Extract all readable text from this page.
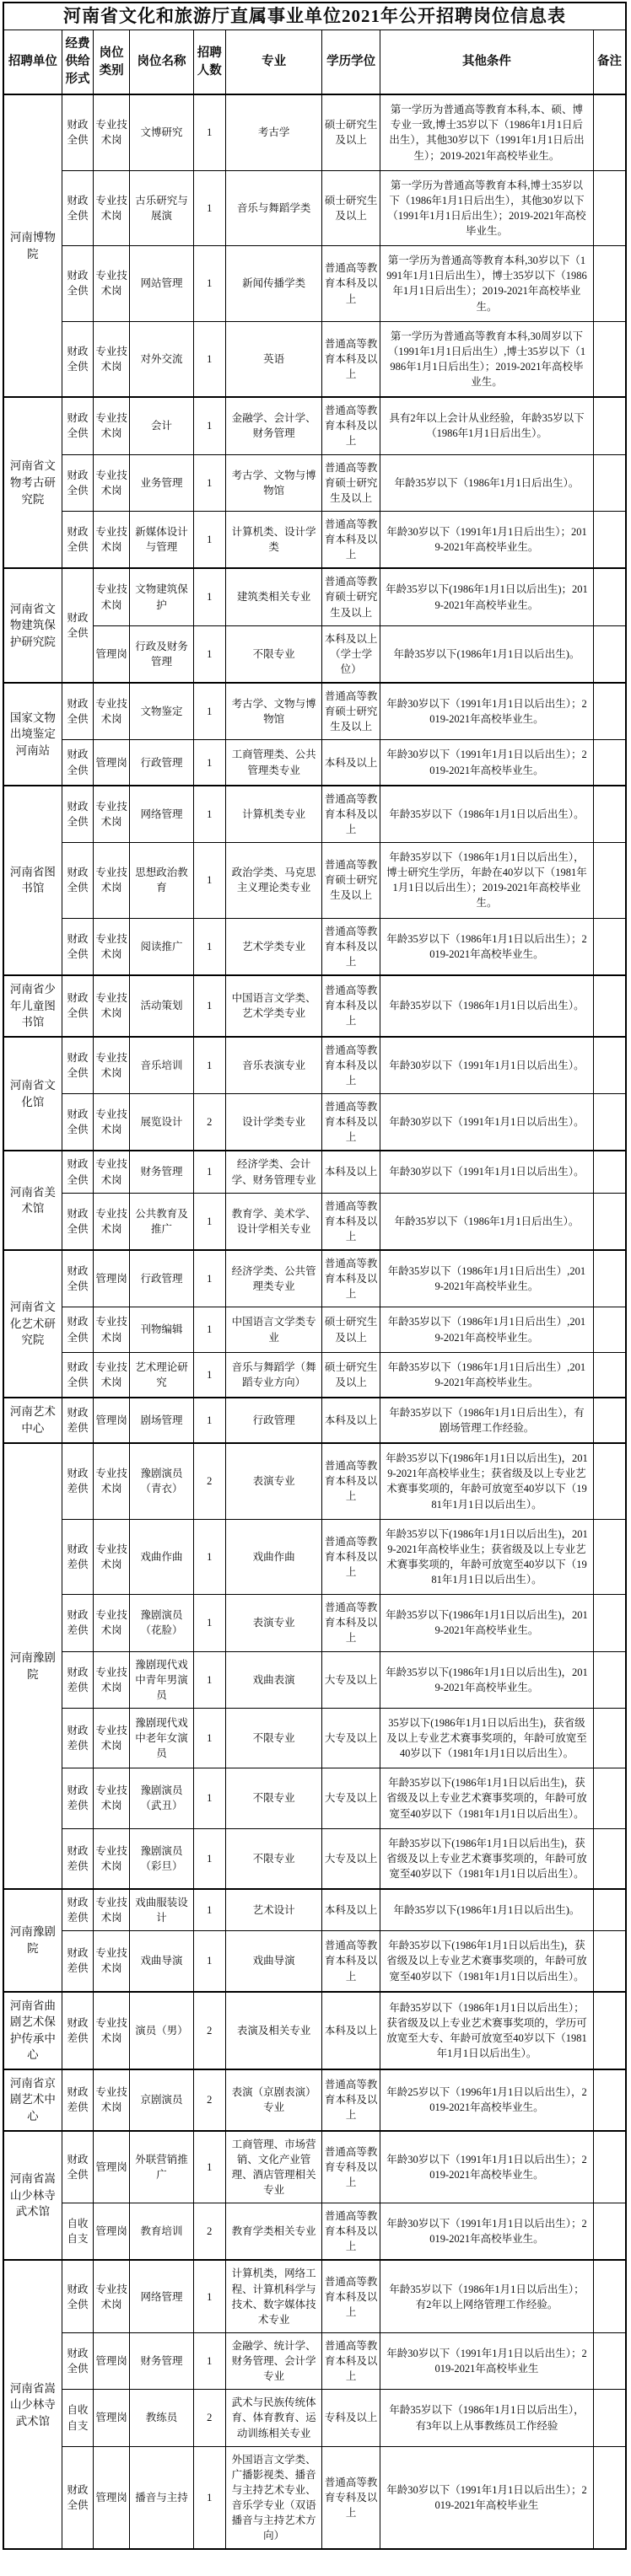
河南省文化和旅游厅直属事业单位2021年公开招聘岗位信息表								
招聘单位	经费供给形式	岗位类别	岗位名称	招聘人数	专业	学历学位	其他条件	备注
河南博物院	财政全供	专业技术岗	文博研究	1	考古学	硕士研究生及以上	第一学历为普通高等教育本科,本、硕、博专业一致,博士35岁以下（1986年1月1日后出生），其他30岁以下（1991年1月1日后出生）；2019-2021年高校毕业生。	
	财政全供	专业技术岗	古乐研究与展演	1	音乐与舞蹈学类	硕士研究生及以上	第一学历为普通高等教育本科,博士35岁以下（1986年1月1日后出生），其他30岁以下（1991年1月1日后出生）；2019-2021年高校毕业生。	
	财政全供	专业技术岗	网站管理	1	新闻传播学类	普通高等教育本科及以上	第一学历为普通高等教育本科,30岁以下（1991年1月1日后出生），博士35岁以下（1986年1月1日后出生）；2019-2021年高校毕业生。	
	财政全供	专业技术岗	对外交流	1	英语	普通高等教育本科及以上	第一学历为普通高等教育本科,30周岁以下（1991年1月1日后出生）,博士35岁以下（1986年1月1日后出生）；2019-2021年高校毕业生。	
河南省文物考古研究院	财政全供	专业技术岗	会计	1	金融学、会计学、财务管理	普通高等教育本科及以上	具有2年以上会计从业经验，年龄35岁以下（1986年1月1日后出生）。	
	财政全供	专业技术岗	业务管理	1	考古学、文物与博物馆	普通高等教育硕士研究生及以上	年龄35岁以下（1986年1月1日后出生）。	
	财政全供	专业技术岗	新媒体设计与管理	1	计算机类、设计学类	普通高等教育本科及以上	年龄30岁以下（1991年1月1日后出生）；2019-2021年高校毕业生。	
河南省文物建筑保护研究院	财政全供	专业技术岗	文物建筑保护	1	建筑类相关专业	普通高等教育硕士研究生及以上	年龄35岁以下(1986年1月1日以后出生)；2019-2021年高校毕业生。	
		管理岗	行政及财务管理	1	不限专业	本科及以上（学士学位）	年龄35岁以下(1986年1月1日以后出生)。	
国家文物出境鉴定河南站	财政全供	专业技术岗	文物鉴定	1	考古学、文物与博物馆	普通高等教育硕士研究生及以上	年龄30岁以下（1991年1月1日以后出生）；2019-2021年高校毕业生。	
	财政全供	管理岗	行政管理	1	工商管理类、公共管理类专业	本科及以上	年龄30岁以下（1991年1月1日以后出生）；2019-2021年高校毕业生。	
河南省图书馆	财政全供	专业技术岗	网络管理	1	计算机类专业	普通高等教育本科及以上	年龄35岁以下（1986年1月1日以后出生）。	
	财政全供	专业技术岗	思想政治教育	1	政治学类、马克思主义理论类专业	普通高等教育硕士研究生及以上	年龄35岁以下（1986年1月1日以后出生），博士研究生学历，年龄在40岁以下（1981年1月1日以后出生）；2019-2021年高校毕业生。	
	财政全供	专业技术岗	阅读推广	1	艺术学类专业	普通高等教育本科及以上	年龄35岁以下（1986年1月1日以后出生）；2019-2021年高校毕业生。	
河南省少年儿童图书馆	财政全供	专业技术岗	活动策划	1	中国语言文学类、艺术学类专业	普通高等教育本科及以上	年龄35岁以下（1986年1月1日以后出生）。	
河南省文化馆	财政全供	专业技术岗	音乐培训	1	音乐表演专业	普通高等教育本科及以上	年龄30岁以下（1991年1月1日以后出生）。	
	财政全供	专业技术岗	展览设计	2	设计学类专业	普通高等教育本科及以上	年龄30岁以下（1991年1月1日以后出生）。	
河南省美术馆	财政全供	专业技术岗	财务管理	1	经济学类、会计学、财务管理专业	本科及以上	年龄30岁以下（1991年1月1日以后出生）。	
	财政全供	专业技术岗	公共教育及推广	1	教育学、美术学、设计学相关专业	普通高等教育本科及以上	年龄35岁以下（1986年1月1日后出生）。	
河南省文化艺术研究院	财政全供	管理岗	行政管理	1	经济学类、公共管理类专业	普通高等教育本科及以上	年龄35岁以下（1986年1月1日后出生）,2019-2021年高校毕业生。	
	财政全供	专业技术岗	刊物编辑	1	中国语言文学类专业	硕士研究生及以上	年龄35岁以下（1986年1月1日后出生）,2019-2021年高校毕业生。	
	财政全供	专业技术岗	艺术理论研究	1	音乐与舞蹈学（舞蹈专业方向）	硕士研究生及以上	年龄35岁以下（1986年1月1日后出生）,2019-2021年高校毕业生。	
河南艺术中心	财政差供	管理岗	剧场管理	1	行政管理	本科及以上	年龄35岁以下（1986年1月1日后出生），有剧场管理工作经验。	
河南豫剧院	财政差供	专业技术岗	豫剧演员（青衣）	2	表演专业	普通高等教育本科及以上	年龄35岁以下(1986年1月1日以后出生)，2019-2021年高校毕业生；获省级及以上专业艺术赛事奖项的，年龄可放宽至40岁以下（1981年1月1日以后出生）。	
	财政差供	专业技术岗	戏曲作曲	1	戏曲作曲	普通高等教育本科及以上	年龄35岁以下(1986年1月1日以后出生)，2019-2021年高校毕业生；获省级及以上专业艺术赛事奖项的，年龄可放宽至40岁以下（1981年1月1日以后出生）。	
	财政差供	专业技术岗	豫剧演员（花脸）	1	表演专业	普通高等教育本科及以上	年龄35岁以下(1986年1月1日以后出生)，2019-2021年高校毕业生。	
	财政差供	专业技术岗	豫剧现代戏中青年男演员	1	戏曲表演	大专及以上	年龄35岁以下(1986年1月1日以后出生)，2019-2021年高校毕业生。	
	财政差供	专业技术岗	豫剧现代戏中老年女演员	1	不限专业	大专及以上	35岁以下(1986年1月1日以后出生)，获省级及以上专业艺术赛事奖项的，年龄可放宽至40岁以下（1981年1月1日以后出生）。	
	财政差供	专业技术岗	豫剧演员（武丑）	1	不限专业	大专及以上	年龄35岁以下(1986年1月1日以后出生)，获省级及以上专业艺术赛事奖项的，年龄可放宽至40岁以下（1981年1月1日以后出生）。	
	财政差供	专业技术岗	豫剧演员（彩旦）	1	不限专业	大专及以上	年龄35岁以下(1986年1月1日以后出生)，获省级及以上专业艺术赛事奖项的，年龄可放宽至40岁以下（1981年1月1日以后出生）。	
河南豫剧院	财政差供	专业技术岗	戏曲服装设计	1	艺术设计	本科及以上	年龄35岁以下(1986年1月1日以后出生)。	
	财政差供	专业技术岗	戏曲导演	1	戏曲导演	普通高等教育本科及以上	年龄35岁以下(1986年1月1日以后出生)，获省级及以上专业艺术赛事奖项的，年龄可放宽至40岁以下（1981年1月1日以后出生）。	
河南省曲剧艺术保护传承中心	财政差供	专业技术岗	演员（男）	2	表演及相关专业	本科及以上	年龄35岁以下（1986年1月1日以后出生）；获省级及以上专业艺术赛事奖项的，学历可放宽至大专、年龄可放宽至40岁以下（1981年1月1日以后出生）。	
河南省京剧艺术中心	财政差供	专业技术岗	京剧演员	2	表演（京剧表演）专业	普通高等教育本科及以上	年龄25岁以下（1996年1月1日以后出生），2019-2021年高校毕业生。	
河南省嵩山少林寺武术馆	财政全供	管理岗	外联营销推广	1	工商管理、市场营销、文化产业管理、酒店管理相关专业	普通高等教育专科及以上	年龄30岁以下（1991年1月1日以后出生）；2019-2021年高校毕业生。	
	自收自支	管理岗	教育培训	2	教育学类相关专业	普通高等教育本科及以上	年龄30岁以下（1991年1月1日以后出生）；2019-2021年高校毕业生。	
河南省嵩山少林寺武术馆	财政全供	专业技术岗	网络管理	1	计算机类，网络工程、计算机科学与技术、数字媒体技术专业	普通高等教育本科及以上	年龄35岁以下（1986年1月1日以后出生）；有2年以上网络管理工作经验。	
	财政全供	管理岗	财务管理	1	金融学、统计学、财务管理、会计学专业	普通高等教育本科及以上	年龄30岁以下（1991年1月1日以后出生）；2019-2021年高校毕业生	
	自收自支	管理岗	教练员	2	武术与民族传统体育、体育教育、运动训练相关专业	专科及以上	年龄35岁以下（1986年1月1日以后出生），有3年以上从事教练员工作经验	
	财政全供	管理岗	播音与主持	1	外国语言文学类、广播影视类、播音与主持艺术专业、音乐学专业（双语播音与主持艺术方向）	普通高等教育专科及以上	年龄30岁以下（1991年1月1日以后出生）；2019-2021年高校毕业生	
